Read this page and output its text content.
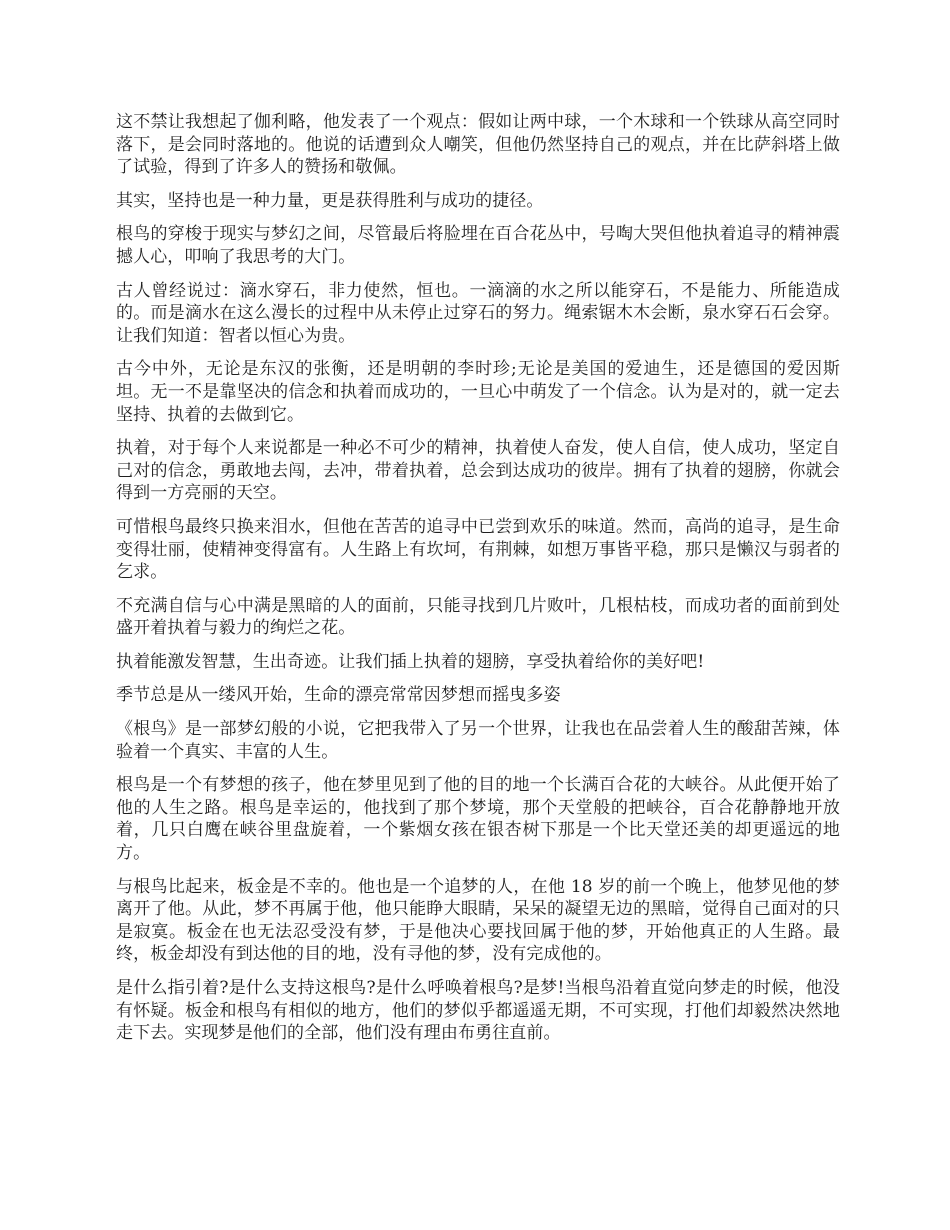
这不禁让我想起了伽利略，他发表了一个观点：假如让两中球，一个木球和一个铁球从高空同时落下，是会同时落地的。他说的话遭到众人嘲笑，但他仍然坚持自己的观点，并在比萨斜塔上做了试验，得到了许多人的赞扬和敬佩。

其实，坚持也是一种力量，更是获得胜利与成功的捷径。

根鸟的穿梭于现实与梦幻之间，尽管最后将脸埋在百合花丛中，号啕大哭但他执着追寻的精神震撼人心，叩响了我思考的大门。

古人曾经说过：滴水穿石，非力使然，恒也。一滴滴的水之所以能穿石，不是能力、所能造成的。而是滴水在这么漫长的过程中从未停止过穿石的努力。绳索锯木木会断，泉水穿石石会穿。让我们知道：智者以恒心为贵。

古今中外，无论是东汉的张衡，还是明朝的李时珍;无论是美国的爱迪生，还是德国的爱因斯坦。无一不是靠坚决的信念和执着而成功的，一旦心中萌发了一个信念。认为是对的，就一定去坚持、执着的去做到它。

执着，对于每个人来说都是一种必不可少的精神，执着使人奋发，使人自信，使人成功，坚定自己对的信念，勇敢地去闯，去冲，带着执着，总会到达成功的彼岸。拥有了执着的翅膀，你就会得到一方亮丽的天空。

可惜根鸟最终只换来泪水，但他在苦苦的追寻中已尝到欢乐的味道。然而，高尚的追寻，是生命变得壮丽，使精神变得富有。人生路上有坎坷，有荆棘，如想万事皆平稳，那只是懒汉与弱者的乞求。

不充满自信与心中满是黑暗的人的面前，只能寻找到几片败叶，几根枯枝，而成功者的面前到处盛开着执着与毅力的绚烂之花。

执着能激发智慧，生出奇迹。让我们插上执着的翅膀，享受执着给你的美好吧!

季节总是从一缕风开始，生命的漂亮常常因梦想而摇曳多姿

《根鸟》是一部梦幻般的小说，它把我带入了另一个世界，让我也在品尝着人生的酸甜苦辣，体验着一个真实、丰富的人生。

根鸟是一个有梦想的孩子，他在梦里见到了他的目的地一个长满百合花的大峡谷。从此便开始了他的人生之路。根鸟是幸运的，他找到了那个梦境，那个天堂般的把峡谷，百合花静静地开放着，几只白鹰在峡谷里盘旋着，一个紫烟女孩在银杏树下那是一个比天堂还美的却更遥远的地方。

与根鸟比起来，板金是不幸的。他也是一个追梦的人，在他 18 岁的前一个晚上，他梦见他的梦离开了他。从此，梦不再属于他，他只能睁大眼睛，呆呆的凝望无边的黑暗，觉得自己面对的只是寂寞。板金在也无法忍受没有梦，于是他决心要找回属于他的梦，开始他真正的人生路。最终，板金却没有到达他的目的地，没有寻他的梦，没有完成他的。

是什么指引着?是什么支持这根鸟?是什么呼唤着根鸟?是梦!当根鸟沿着直觉向梦走的时候，他没有怀疑。板金和根鸟有相似的地方，他们的梦似乎都遥遥无期，不可实现，打他们却毅然决然地走下去。实现梦是他们的全部，他们没有理由布勇往直前。
